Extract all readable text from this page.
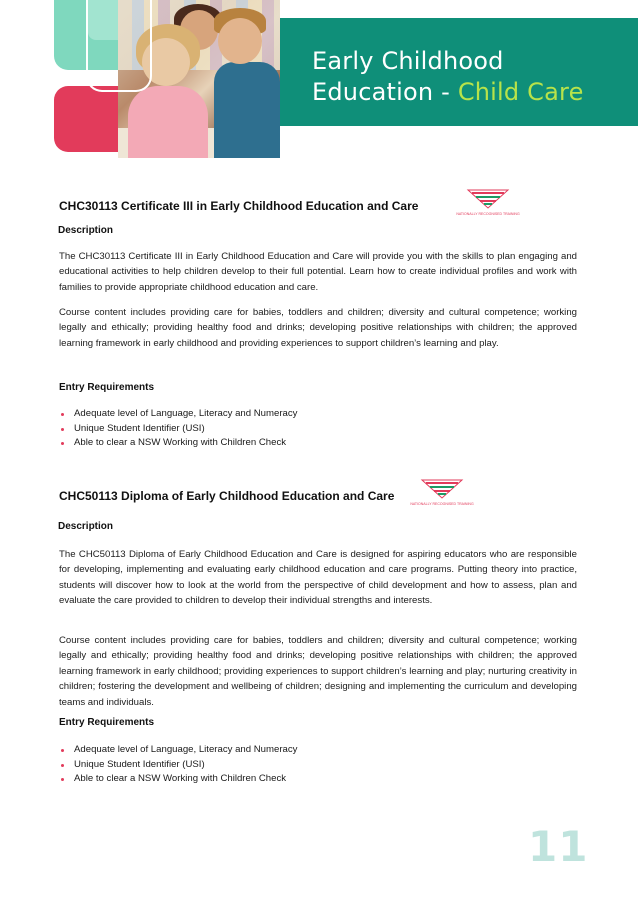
Early Childhood
Education - Child Care
CHC30113 Certificate III in Early Childhood Education and Care
NATIONALLY RECOGNISED TRAINING
Description

The CHC30113 Certificate III in Early Childhood Education and Care will provide you with the skills to plan engaging and educational activities to help children develop to their full potential. Learn how to create individual profiles and work with families to provide appropriate childhood education and care.

Course content includes providing care for babies, toddlers and children; diversity and cultural competence; working legally and ethically; providing healthy food and drinks; developing positive relationships with children; the approved learning framework in early childhood and providing experiences to support children’s learning and play.

Entry Requirements
Adequate level of Language, Literacy and Numeracy
Unique Student Identifier (USI)
Able to clear a NSW Working with Children Check
CHC50113 Diploma of Early Childhood Education and Care
NATIONALLY RECOGNISED TRAINING
Description

The CHC50113 Diploma of Early Childhood Education and Care is designed for aspiring educators who are responsible for developing, implementing and evaluating early childhood education and care programs. Putting theory into practice, students will discover how to look at the world from the perspective of child development and how to assess, plan and evaluate the care provided to children to develop their individual strengths and interests.

Course content includes providing care for babies, toddlers and children; diversity and cultural competence; working legally and ethically; providing healthy food and drinks; developing positive relationships with children; the approved learning framework in early childhood; providing experiences to support children’s learning and play; nurturing creativity in children; fostering the development and wellbeing of children; designing and implementing the curriculum and developing teams and individuals.

Entry Requirements
Adequate level of Language, Literacy and Numeracy
Unique Student Identifier (USI)
Able to clear a NSW Working with Children Check
11
